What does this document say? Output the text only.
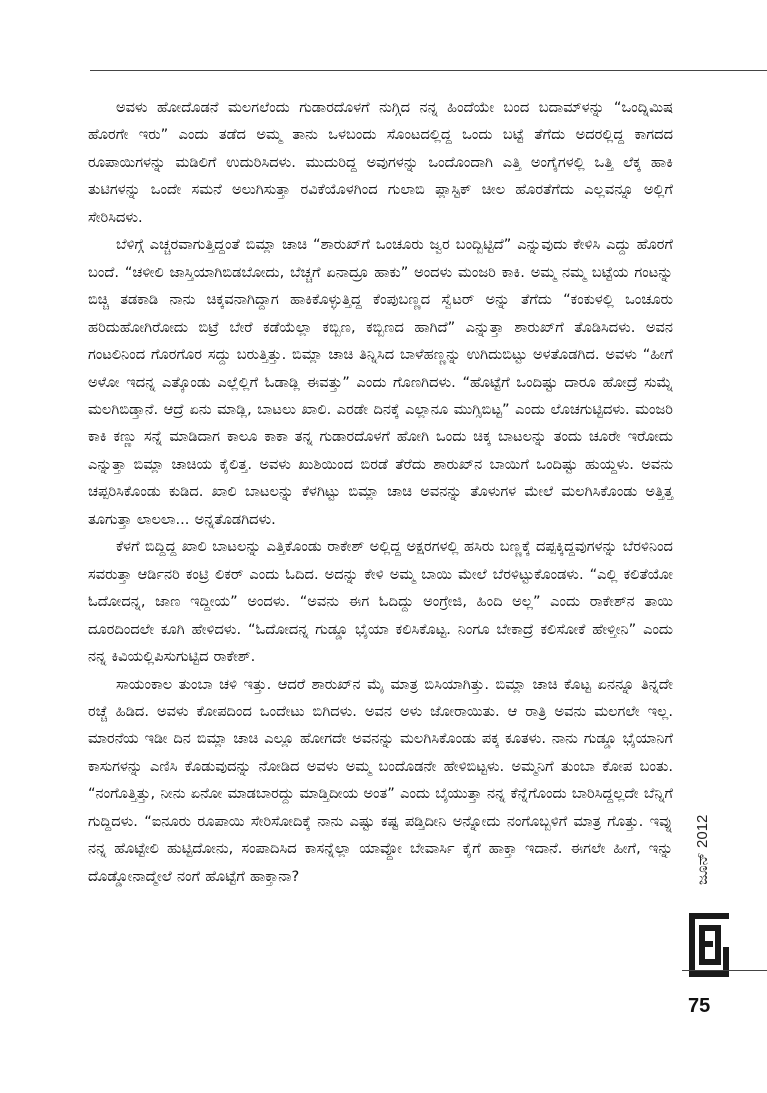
ಅವಳು ಹೋದೊಡನೆ ಮಲಗಲೆಂದು ಗುಡಾರದೊಳಗೆ ನುಗ್ಗಿದ ನನ್ನ ಹಿಂದೆಯೇ ಬಂದ ಬದಾಮ್‌ಳನ್ನು “ಒಂದ್ನಿಮಿಷ ಹೊರಗೇ ಇರು” ಎಂದು ತಡೆದ ಅಮ್ಮ ತಾನು ಒಳಬಂದು ಸೊಂಟದಲ್ಲಿದ್ದ ಒಂದು ಬಟ್ಟೆ ತೆಗೆದು ಅದರಲ್ಲಿದ್ದ ಕಾಗದದ ರೂಪಾಯಿಗಳನ್ನು ಮಡಿಲಿಗೆ ಉದುರಿಸಿದಳು. ಮುದುರಿದ್ದ ಅವುಗಳನ್ನು ಒಂದೊಂದಾಗಿ ಎತ್ತಿ ಅಂಗೈಗಳಲ್ಲಿ ಒತ್ತಿ ಲೆಕ್ಕ ಹಾಕಿ ತುಟಿಗಳನ್ನು ಒಂದೇ ಸಮನೆ ಅಲುಗಿಸುತ್ತಾ ರವಿಕೆಯೊಳಗಿಂದ ಗುಲಾಬಿ ಪ್ಲಾಸ್ಟಿಕ್ ಚೀಲ ಹೊರತೆಗೆದು ಎಲ್ಲವನ್ನೂ ಅಲ್ಲಿಗೆ ಸೇರಿಸಿದಳು.

ಬೆಳಿಗ್ಗೆ ಎಚ್ಚರವಾಗುತ್ತಿದ್ದಂತೆ ಬಿಮ್ಲಾ ಚಾಚಿ “ಶಾರುಖ್‌ಗೆ ಒಂಚೂರು ಜ್ವರ ಬಂದ್ಬಿಟ್ಟಿದೆ” ಎನ್ನುವುದು ಕೇಳಿಸಿ ಎದ್ದು ಹೊರಗೆ ಬಂದೆ. “ಚಳೀಲಿ ಜಾಸ್ತಿಯಾಗಿಬಿಡಬೋದು, ಬೆಚ್ಚಗೆ ಏನಾದ್ರೂ ಹಾಕು” ಅಂದಳು ಮಂಜರಿ ಕಾಕಿ. ಅಮ್ಮ ನಮ್ಮ ಬಟ್ಟೆಯ ಗಂಟನ್ನು ಬಿಚ್ಚಿ ತಡಕಾಡಿ ನಾನು ಚಿಕ್ಕವನಾಗಿದ್ದಾಗ ಹಾಕಿಕೊಳ್ಳುತ್ತಿದ್ದ ಕೆಂಪುಬಣ್ಣದ ಸ್ವೆಟರ್ ಅನ್ನು ತೆಗೆದು “ಕಂಕುಳಲ್ಲಿ ಒಂಚೂರು ಹರಿದುಹೋಗಿರೋದು ಬಿಟ್ರೆ ಬೇರೆ ಕಡೆಯೆಲ್ಲಾ ಕಬ್ಬಿಣ, ಕಬ್ಬಿಣದ ಹಾಗಿದೆ” ಎನ್ನುತ್ತಾ ಶಾರುಖ್‌ಗೆ ತೊಡಿಸಿದಳು. ಅವನ ಗಂಟಲಿನಿಂದ ಗೊರಗೊರ ಸದ್ದು ಬರುತ್ತಿತ್ತು. ಬಿಮ್ಲಾ ಚಾಚಿ ತಿನ್ನಿಸಿದ ಬಾಳೆಹಣ್ಣನ್ನು ಉಗಿದುಬಿಟ್ಟು ಅಳತೊಡಗಿದ. ಅವಳು “ಹೀಗೆ ಅಳೋ ಇದನ್ನ ಎತ್ಕೊಂಡು ಎಲ್ಲೆಲ್ಲಿಗೆ ಓಡಾಡ್ಲಿ ಈವತ್ತು” ಎಂದು ಗೊಣಗಿದಳು. “ಹೊಟ್ಟೆಗೆ ಒಂದಿಷ್ಟು ದಾರೂ ಹೋದ್ರೆ ಸುಮ್ನೆ ಮಲಗಿಬಿಡ್ತಾನೆ. ಆದ್ರೆ ಏನು ಮಾಡ್ಲಿ, ಬಾಟಲು ಖಾಲಿ. ಎರಡೇ ದಿನಕ್ಕೆ ಎಲ್ಲಾನೂ ಮುಗ್ಸಿಬಿಟ್ಟ” ಎಂದು ಲೊಚಗುಟ್ಟಿದಳು. ಮಂಜರಿ ಕಾಕಿ ಕಣ್ಣು ಸನ್ನೆ ಮಾಡಿದಾಗ ಕಾಲೂ ಕಾಕಾ ತನ್ನ ಗುಡಾರದೊಳಗೆ ಹೋಗಿ ಒಂದು ಚಿಕ್ಕ ಬಾಟಲನ್ನು ತಂದು ಚೂರೇ ಇರೋದು ಎನ್ನುತ್ತಾ ಬಿಮ್ಲಾ ಚಾಚಿಯ ಕೈಲಿತ್ತ. ಅವಳು ಖುಶಿಯಿಂದ ಬಿರಡೆ ತೆರೆದು ಶಾರುಖ್‌ನ ಬಾಯಿಗೆ ಒಂದಿಷ್ಟು ಹುಯ್ದಳು. ಅವನು ಚಪ್ಪರಿಸಿಕೊಂಡು ಕುಡಿದ. ಖಾಲಿ ಬಾಟಲನ್ನು ಕೆಳಗಿಟ್ಟು ಬಿಮ್ಲಾ ಚಾಚಿ ಅವನನ್ನು ತೊಳುಗಳ ಮೇಲೆ ಮಲಗಿಸಿಕೊಂಡು ಅತ್ತಿತ್ತ ತೂಗುತ್ತಾ ಲಾಲಲಾ... ಅನ್ನತೊಡಗಿದಳು.

ಕೆಳಗೆ ಬಿದ್ದಿದ್ದ ಖಾಲಿ ಬಾಟಲನ್ನು ಎತ್ತಿಕೊಂಡು ರಾಕೇಶ್ ಅಲ್ಲಿದ್ದ ಅಕ್ಷರಗಳಲ್ಲಿ ಹಸಿರು ಬಣ್ಣಕ್ಕೆ ದಪ್ಪಕ್ಕಿದ್ದವುಗಳನ್ನು ಬೆರಳಿನಿಂದ ಸವರುತ್ತಾ ಆರ್ಡಿನರಿ ಕಂಟ್ರಿ ಲಿಕರ್ ಎಂದು ಓದಿದ. ಅದನ್ನು ಕೇಳಿ ಅಮ್ಮ ಬಾಯಿ ಮೇಲೆ ಬೆರಳಿಟ್ಟುಕೊಂಡಳು. “ಎಲ್ಲಿ ಕಲಿತೆಯೋ ಓದೋದನ್ನ, ಜಾಣ ಇದ್ದೀಯ” ಅಂದಳು. “ಅವನು ಈಗ ಓದಿದ್ದು ಅಂಗ್ರೇಜಿ, ಹಿಂದಿ ಅಲ್ಲ” ಎಂದು ರಾಕೇಶ್‌ನ ತಾಯಿ ದೂರದಿಂದಲೇ ಕೂಗಿ ಹೇಳಿದಳು. “ಓದೋದನ್ನ ಗುಡ್ಡೂ ಭೈಯಾ ಕಲಿಸಿಕೊಟ್ಟ. ನಿಂಗೂ ಬೇಕಾದ್ರೆ ಕಲಿಸೋಕೆ ಹೇಳ್ತೀನಿ” ಎಂದು ನನ್ನ ಕಿವಿಯಲ್ಲಿಪಿಸುಗುಟ್ಟಿದ ರಾಕೇಶ್.

ಸಾಯಂಕಾಲ ತುಂಬಾ ಚಳಿ ಇತ್ತು. ಆದರೆ ಶಾರುಖ್‌ನ ಮೈ ಮಾತ್ರ ಬಿಸಿಯಾಗಿತ್ತು. ಬಿಮ್ಲಾ ಚಾಚಿ ಕೊಟ್ಟ ಏನನ್ನೂ ತಿನ್ನದೇ ರಚ್ಚೆ ಹಿಡಿದ. ಅವಳು ಕೋಪದಿಂದ ಒಂದೇಟು ಬಿಗಿದಳು. ಅವನ ಅಳು ಜೋರಾಯಿತು. ಆ ರಾತ್ರಿ ಅವನು ಮಲಗಲೇ ಇಲ್ಲ. ಮಾರನೆಯ ಇಡೀ ದಿನ ಬಿಮ್ಲಾ ಚಾಚಿ ಎಲ್ಲೂ ಹೋಗದೇ ಅವನನ್ನು ಮಲಗಿಸಿಕೊಂಡು ಪಕ್ಕ ಕೂತಳು. ನಾನು ಗುಡ್ಡೂ ಭೈಯಾನಿಗೆ ಕಾಸುಗಳನ್ನು ಎಣಿಸಿ ಕೊಡುವುದನ್ನು ನೋಡಿದ ಅವಳು ಅಮ್ಮ ಬಂದೊಡನೇ ಹೇಳಿಬಿಟ್ಟಳು. ಅಮ್ಮನಿಗೆ ತುಂಬಾ ಕೋಪ ಬಂತು. “ನಂಗೊತ್ತಿತ್ತು, ನೀನು ಏನೋ ಮಾಡಬಾರದ್ದು ಮಾಡ್ತಿದೀಯ ಅಂತ” ಎಂದು ಬೈಯುತ್ತಾ ನನ್ನ ಕೆನ್ನೆಗೊಂದು ಬಾರಿಸಿದ್ದಲ್ಲದೇ ಬೆನ್ನಿಗೆ ಗುದ್ದಿದಳು. “ಐನೂರು ರೂಪಾಯಿ ಸೇರಿಸೋದಿಕ್ಕೆ ನಾನು ಎಷ್ಟು ಕಷ್ಟ ಪಡ್ತಿದೀನಿ ಅನ್ನೋದು ನಂಗೊಬ್ಬಳಿಗೆ ಮಾತ್ರ ಗೊತ್ತು. ಇವ್ನು ನನ್ನ ಹೊಟ್ಟೇಲಿ ಹುಟ್ಟಿದೋನು, ಸಂಪಾದಿಸಿದ ಕಾಸನ್ನೆಲ್ಲಾ ಯಾವ್ದೋ ಬೇವಾರ್ಸಿ ಕೈಗೆ ಹಾಕ್ತಾ ಇದಾನೆ. ಈಗಲೇ ಹೀಗೆ, ಇನ್ನು ದೊಡ್ಡೋನಾದ್ಮೇಲೆ ನಂಗೆ ಹೊಟ್ಟೆಗೆ ಹಾಕ್ತಾನಾ?	ಜೂನ್ 2012
75
